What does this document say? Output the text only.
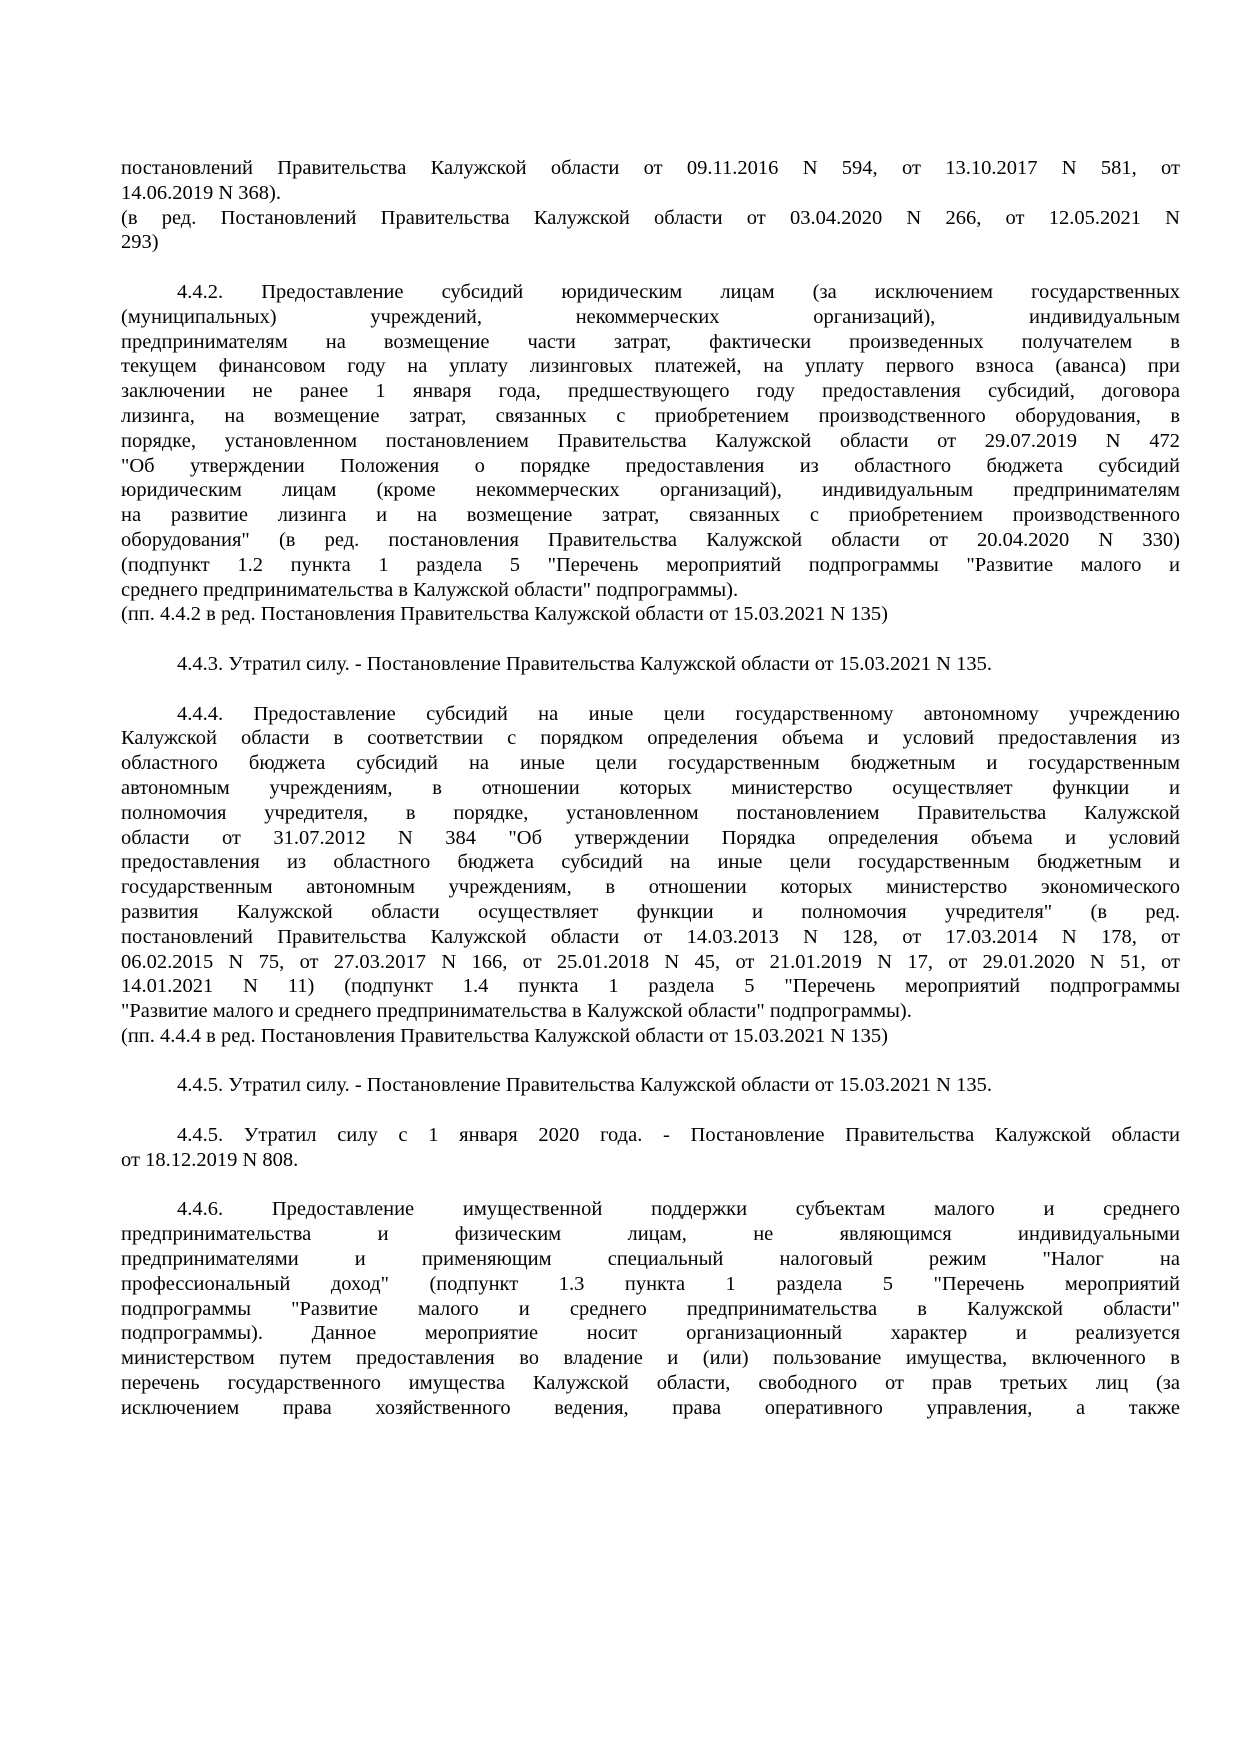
постановлений Правительства Калужской области от 09.11.2016 N 594, от 13.10.2017 N 581, от
14.06.2019 N 368).
(в ред. Постановлений Правительства Калужской области от 03.04.2020 N 266, от 12.05.2021 N
293)
4.4.2. Предоставление субсидий юридическим лицам (за исключением государственных
(муниципальных) учреждений, некоммерческих организаций), индивидуальным
предпринимателям на возмещение части затрат, фактически произведенных получателем в
текущем финансовом году на уплату лизинговых платежей, на уплату первого взноса (аванса) при
заключении не ранее 1 января года, предшествующего году предоставления субсидий, договора
лизинга, на возмещение затрат, связанных с приобретением производственного оборудования, в
порядке, установленном постановлением Правительства Калужской области от 29.07.2019 N 472
"Об утверждении Положения о порядке предоставления из областного бюджета субсидий
юридическим лицам (кроме некоммерческих организаций), индивидуальным предпринимателям
на развитие лизинга и на возмещение затрат, связанных с приобретением производственного
оборудования" (в ред. постановления Правительства Калужской области от 20.04.2020 N 330)
(подпункт 1.2 пункта 1 раздела 5 "Перечень мероприятий подпрограммы "Развитие малого и
среднего предпринимательства в Калужской области" подпрограммы).
(пп. 4.4.2 в ред. Постановления Правительства Калужской области от 15.03.2021 N 135)
4.4.3. Утратил силу. - Постановление Правительства Калужской области от 15.03.2021 N 135.
4.4.4. Предоставление субсидий на иные цели государственному автономному учреждению
Калужской области в соответствии с порядком определения объема и условий предоставления из
областного бюджета субсидий на иные цели государственным бюджетным и государственным
автономным учреждениям, в отношении которых министерство осуществляет функции и
полномочия учредителя, в порядке, установленном постановлением Правительства Калужской
области от 31.07.2012 N 384 "Об утверждении Порядка определения объема и условий
предоставления из областного бюджета субсидий на иные цели государственным бюджетным и
государственным автономным учреждениям, в отношении которых министерство экономического
развития Калужской области осуществляет функции и полномочия учредителя" (в ред.
постановлений Правительства Калужской области от 14.03.2013 N 128, от 17.03.2014 N 178, от
06.02.2015 N 75, от 27.03.2017 N 166, от 25.01.2018 N 45, от 21.01.2019 N 17, от 29.01.2020 N 51, от
14.01.2021 N 11) (подпункт 1.4 пункта 1 раздела 5 "Перечень мероприятий подпрограммы
"Развитие малого и среднего предпринимательства в Калужской области" подпрограммы).
(пп. 4.4.4 в ред. Постановления Правительства Калужской области от 15.03.2021 N 135)
4.4.5. Утратил силу. - Постановление Правительства Калужской области от 15.03.2021 N 135.
4.4.5. Утратил силу с 1 января 2020 года. - Постановление Правительства Калужской области
от 18.12.2019 N 808.
4.4.6. Предоставление имущественной поддержки субъектам малого и среднего
предпринимательства и физическим лицам, не являющимся индивидуальными
предпринимателями и применяющим специальный налоговый режим "Налог на
профессиональный доход" (подпункт 1.3 пункта 1 раздела 5 "Перечень мероприятий
подпрограммы "Развитие малого и среднего предпринимательства в Калужской области"
подпрограммы). Данное мероприятие носит организационный характер и реализуется
министерством путем предоставления во владение и (или) пользование имущества, включенного в
перечень государственного имущества Калужской области, свободного от прав третьих лиц (за
исключением права хозяйственного ведения, права оперативного управления, а также
